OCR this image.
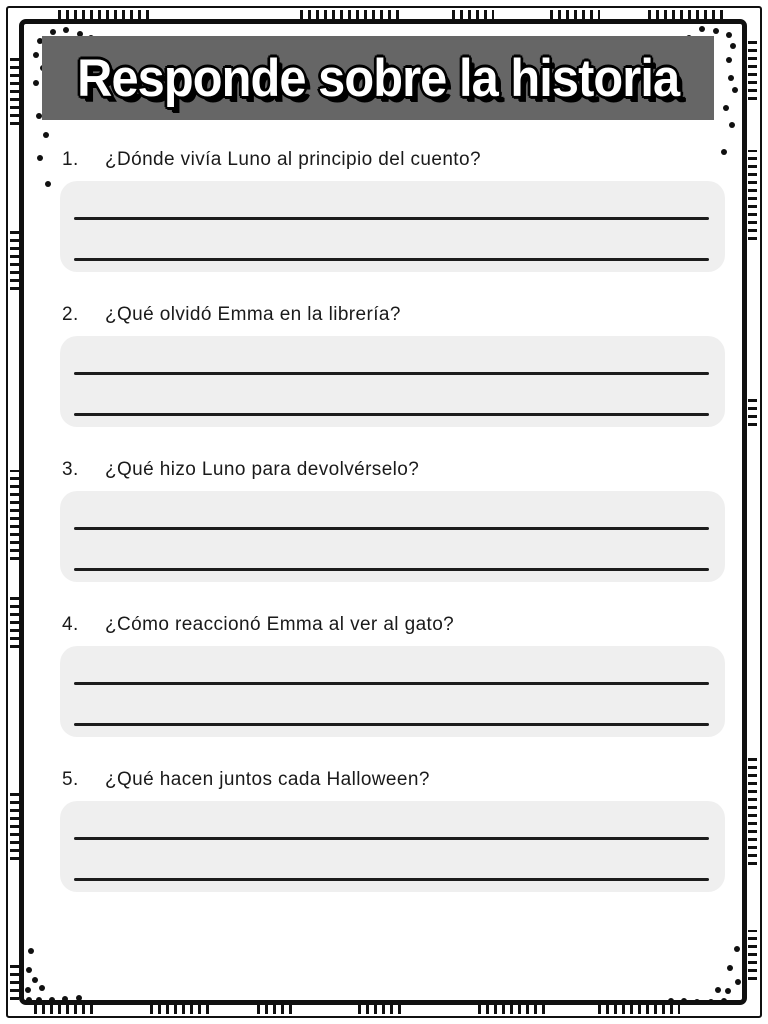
Responde sobre la historia
1.	¿Dónde vivía Luno al principio del cuento?
2.	¿Qué olvidó Emma en la librería?
3.	¿Qué hizo Luno para devolvérselo?
4.	¿Cómo reaccionó Emma al ver al gato?
5.	¿Qué hacen juntos cada Halloween?
